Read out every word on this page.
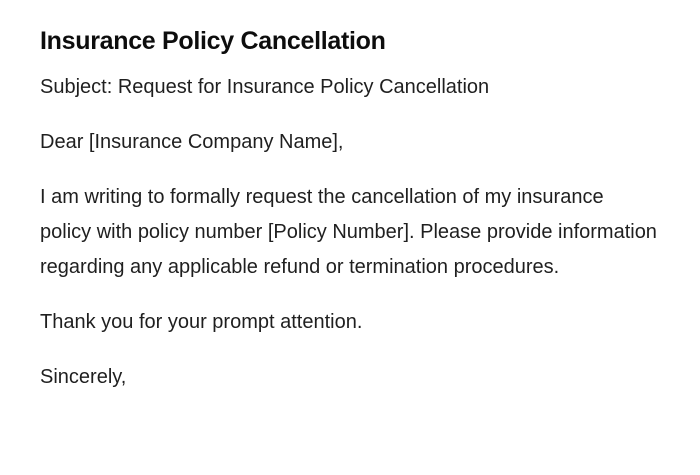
Insurance Policy Cancellation

Subject: Request for Insurance Policy Cancellation

Dear [Insurance Company Name],

I am writing to formally request the cancellation of my insurance policy with policy number [Policy Number]. Please provide information regarding any applicable refund or termination procedures.

Thank you for your prompt attention.

Sincerely,
